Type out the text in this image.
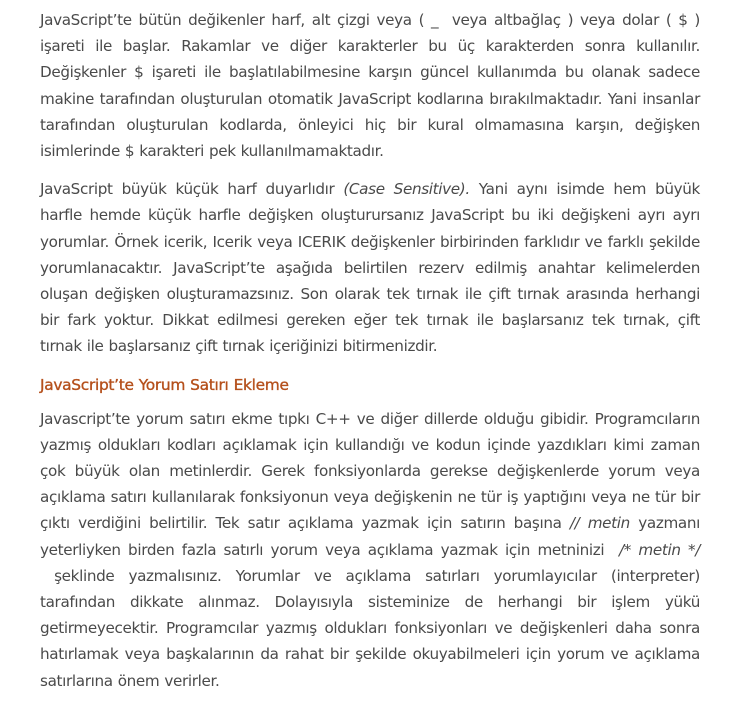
JavaScript’te bütün değikenler harf, alt çizgi veya ( _  veya altbağlaç ) veya dolar ( $ ) işareti ile başlar. Rakamlar ve diğer karakterler bu üç karakterden sonra kullanılır. Değişkenler $ işareti ile başlatılabilmesine karşın güncel kullanımda bu olanak sadece makine tarafından oluşturulan otomatik JavaScript kodlarına bırakılmaktadır. Yani insanlar tarafından oluşturulan kodlarda, önleyici hiç bir kural olmamasına karşın, değişken isimlerinde $ karakteri pek kullanılmamaktadır.

JavaScript büyük küçük harf duyarlıdır (Case Sensitive). Yani aynı isimde hem büyük harfle hemde küçük harfle değişken oluşturursanız JavaScript bu iki değişkeni ayrı ayrı yorumlar. Örnek icerik, Icerik veya ICERIK değişkenler birbirinden farklıdır ve farklı şekilde yorumlanacaktır. JavaScript’te aşağıda belirtilen rezerv edilmiş anahtar kelimelerden oluşan değişken oluşturamazsınız. Son olarak tek tırnak ile çift tırnak arasında herhangi bir fark yoktur. Dikkat edilmesi gereken eğer tek tırnak ile başlarsanız tek tırnak, çift tırnak ile başlarsanız çift tırnak içeriğinizi bitirmenizdir.

JavaScript’te Yorum Satırı Ekleme

Javascript’te yorum satırı ekme tıpkı C++ ve diğer dillerde olduğu gibidir. Programcıların yazmış oldukları kodları açıklamak için kullandığı ve kodun içinde yazdıkları kimi zaman çok büyük olan metinlerdir. Gerek fonksiyonlarda gerekse değişkenlerde yorum veya açıklama satırı kullanılarak fonksiyonun veya değişkenin ne tür iş yaptığını veya ne tür bir çıktı verdiğini belirtilir. Tek satır açıklama yazmak için satırın başına // metin yazmanı yeterliyken birden fazla satırlı yorum veya açıklama yazmak için metninizi  /* metin */  şeklinde yazmalısınız. Yorumlar ve açıklama satırları yorumlayıcılar (interpreter) tarafından dikkate alınmaz. Dolayısıyla sisteminize de herhangi bir işlem yükü getirmeyecektir. Programcılar yazmış oldukları fonksiyonları ve değişkenleri daha sonra hatırlamak veya başkalarının da rahat bir şekilde okuyabilmeleri için yorum ve açıklama satırlarına önem verirler.
